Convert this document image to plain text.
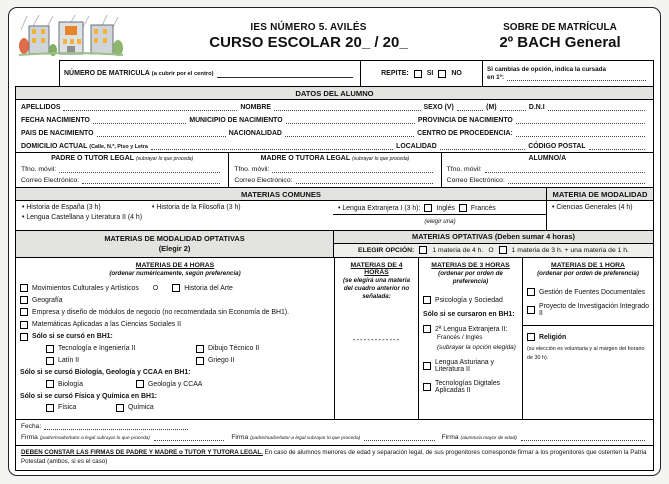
IES NÚMERO 5. AVILÉS
CURSO ESCOLAR 20_ / 20_
SOBRE DE MATRÍCULA
2º BACH General
NÚMERO DE MATRICULA
(a cubrir por el centro)	REPITE:	SI	NO
Si cambias de opción, indica la cursada
en 1º:
DATOS DEL ALUMNO
APELLIDOS	NOMBRE	SEXO (V)	(M)	D.N.I
FECHA NACIMIENTO	MUNICIPIO DE NACIMIENTO	PROVINCIA DE NACIMIENTO
PAIS DE NACIMIENTO	NACIONALIDAD	CENTRO DE PROCEDENCIA:
DOMICILIO ACTUAL
(Calle, N.º, Piso y Letra	LOCALIDAD	CÓDIGO POSTAL
PADRE O TUTOR LEGAL (subrayar lo que proceda)
Tfno. móvil:
Correo Electrónico:
MADRE O TUTORA LEGAL (subrayar lo que proceda)
Tfno. móvil:
Correo Electrónico:
ALUMNO/A
Tfno. móvil:
Correo Electrónico:
MATERIAS COMUNES	MATERIA DE MODALIDAD
• Historia de España (3 h)
• Lengua Castellana y Literatura II (4 h)
• Historia de la Filosofía (3 h)	• Lengua Extranjera I (3 h): Inglés Francés
(elegir una)
• Ciencias Generales (4 h)
MATERIAS DE MODALIDAD OPTATIVAS
(Elegir 2)
MATERIAS OPTATIVAS (Deben sumar 4 horas)
ELEGIR OPCIÓN:	1 materia de 4 h. O	1 materia de 3 h. + una materia de 1 h.
MATERIAS DE 4 HORAS
(ordenar numéricamente, según preferencia)
Movimientos Culturales y Artísticos O	Historia del Arte
Geografía
Empresa y diseño de módulos de negocio (no recomendada sin Economía de BH1).
Matemáticas Aplicadas a las Ciencias Sociales II
Sólo si se cursó en BH1:
Tecnología e Ingeniería II	Dibujo Técnico II
Latín II	Griego II
Sólo si se cursó Biología, Geología y CCAA en BH1:
Biología	Geología y CCAA
Sólo si se cursó Física y Química en BH1:
Física	Química
MATERIAS DE 4 HORAS
(se elegirá una materia del cuadro anterior no señalada:
-------------
MATERIAS DE 3 HORAS
(ordenar por orden de preferencia)
Psicología y Sociedad
Sólo si se cursaron en BH1:
2ª Lengua Extranjera II:
Francés / Inglés
(subrayar la opción elegida)
Lengua Asturiana y Literatura II
Tecnologías Digitales Aplicadas II
MATERIAS DE 1 HORA
(ordenar por orden de preferencia)
Gestión de Fuentes Documentales
Proyecto de Investigación Integrado II
Religión
(su elección es voluntaria y al margen del horario de 30 h).
Fecha:
Firma (padre/madre/tutor-a legal subrayar lo que proceda)	Firma (padre/madre/tutor-a legal subrayar lo que proceda)	Firma (alumno/a mayor de edad)
DEBEN CONSTAR LAS FIRMAS DE PADRE Y MADRE o TUTOR Y TUTORA LEGAL. En caso de alumnos menores de edad y separación legal, de sus progenitores corresponde firmar a los progenitores que ostenten la Patria Potestad (ambos, si es el caso)
